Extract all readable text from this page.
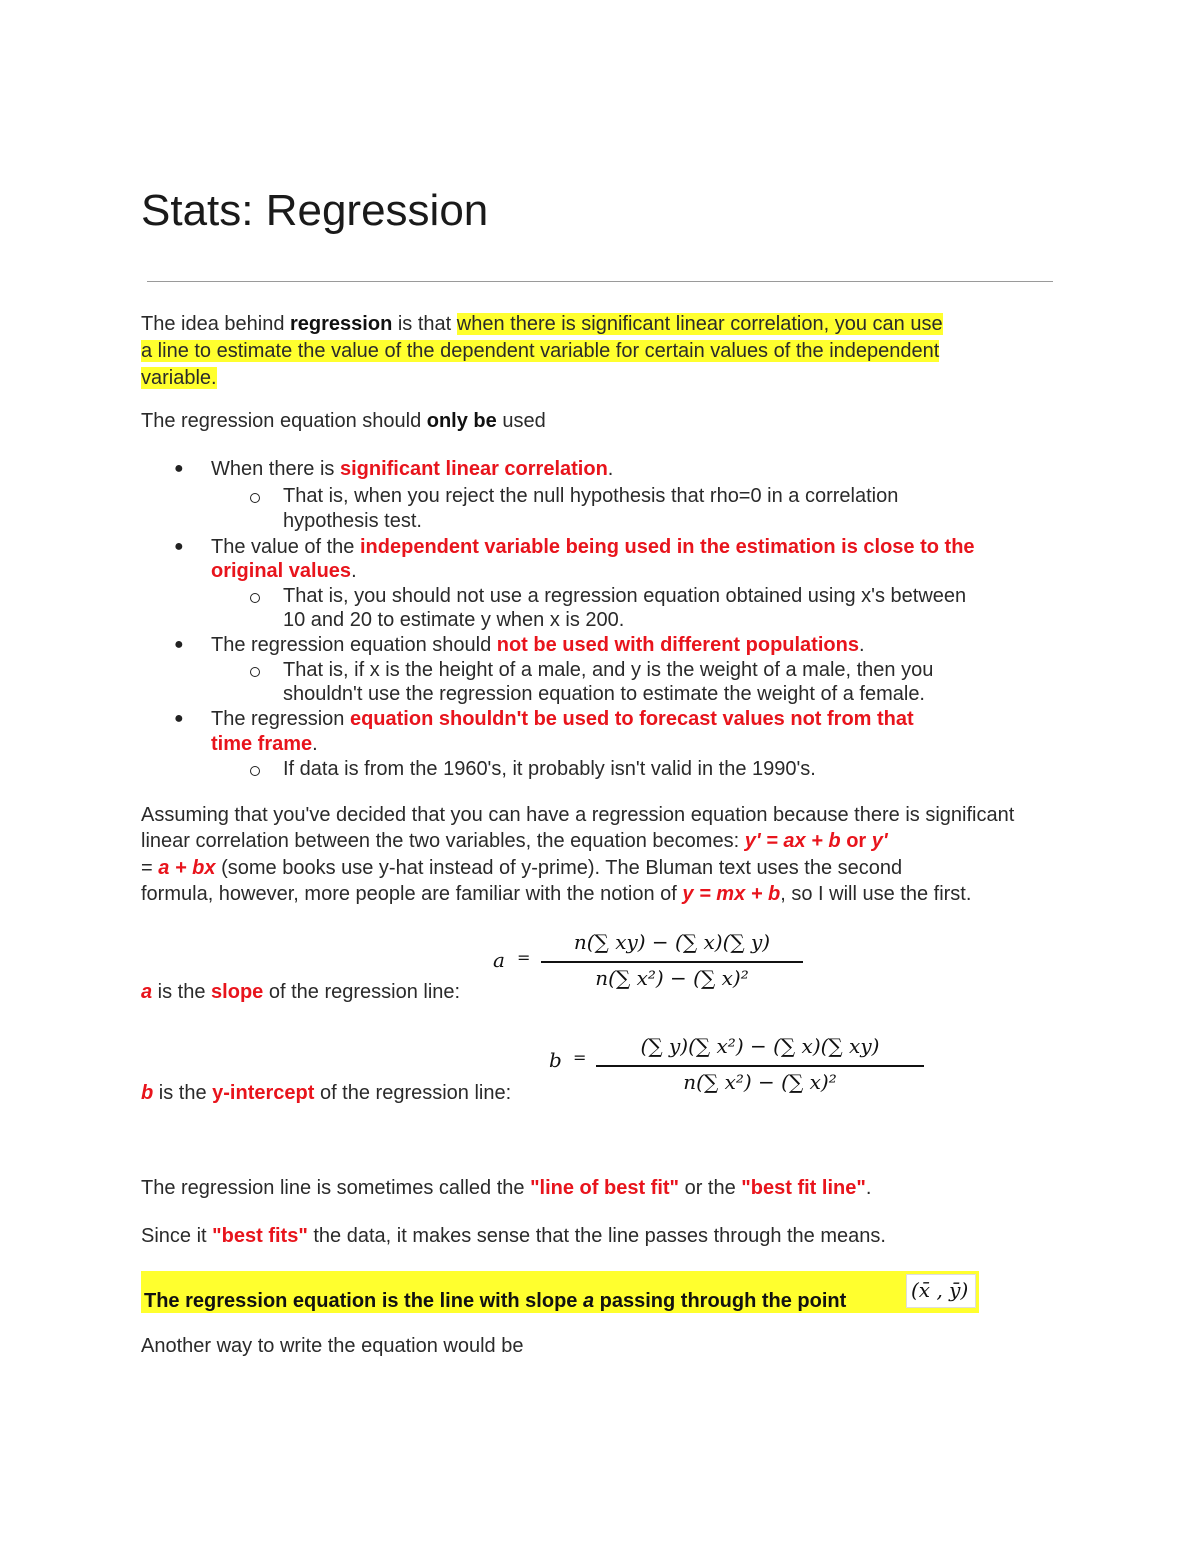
Stats: Regression
The idea behind regression is that when there is significant linear correlation, you can use
a line to estimate the value of the dependent variable for certain values of the independent
variable.
The regression equation should only be used
● When there is significant linear correlation.
That is, when you reject the null hypothesis that rho=0 in a correlation
hypothesis test.
● The value of the independent variable being used in the estimation is close to the
original values.
That is, you should not use a regression equation obtained using x's between
10 and 20 to estimate y when x is 200.
● The regression equation should not be used with different populations.
That is, if x is the height of a male, and y is the weight of a male, then you
shouldn't use the regression equation to estimate the weight of a female.
● The regression equation shouldn't be used to forecast values not from that
time frame.
If data is from the 1960's, it probably isn't valid in the 1990's.
Assuming that you've decided that you can have a regression equation because there is significant
linear correlation between the two variables, the equation becomes: y' = ax + b or y'
= a + bx (some books use y-hat instead of y-prime). The Bluman text uses the second
formula, however, more people are familiar with the notion of y = mx + b, so I will use the first.
a =
n(∑ xy) − (∑ x)(∑ y)
n(∑ x²) − (∑ x)²
a is the slope of the regression line:
b =	(∑ y)(∑ x²) − (∑ x)(∑ xy)
n(∑ x²) − (∑ x)²
b is the y-intercept of the regression line:
The regression line is sometimes called the "line of best fit" or the "best fit line".
Since it "best fits" the data, it makes sense that the line passes through the means.
The regression equation is the line with slope a passing through the point	(x̄ , ȳ)
Another way to write the equation would be
